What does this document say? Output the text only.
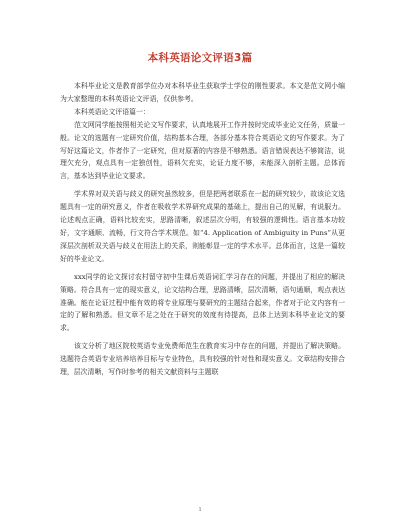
本科英语论文评语3篇

本科毕业论文是教育部学位办对本科毕业生获取学士学位的刚性要求。本文是范文网小编为大家整理的本科英语论文评语，仅供参考。

本科英语论文评语篇一：

范文网同学能按照相关论文写作要求，认真地展开工作并按时完成毕业论文任务，质量一般。论文的选题有一定研究价值，结构基本合理，各部分基本符合英语论文的写作要求。为了写好这篇论文，作者作了一定研究，但对原著的内容是不够熟悉。语言错误表达不够简洁，说理欠充分，观点具有一定独创性，语料欠充实，论证力度不够，未能深入剖析主题。总体而言，基本达到毕业论文要求。

学术界对双关语与歧义的研究虽然较多，但是把两者联系在一起的研究较少，故该论文选题具有一定的研究意义，作者在吸收学术界研究成果的基础上，提出自己的见解，有说服力。论述观点正确，语料比较充实，思路清晰，叙述层次分明，有较强的逻辑性。语言基本功较好，文字通顺、流畅，行文符合学术规范。如“4. Application of Ambiguity in Puns”从更深层次剖析双关语与歧义在用法上的关系，则能彰显一定的学术水平。总体而言，这是一篇较好的毕业论文。

xxx同学的论文探讨农村留守初中生课后英语词汇学习存在的问题，并提出了相应的解决策略。符合具有一定的现实意义，论文结构合理，思路清晰，层次清晰，语句通顺，观点表达准确。能在论证过程中能有效的将专业原理与要研究的主题结合起来，作者对于论文内容有一定的了解和熟悉。但文章不足之处在于研究的效度有待提高，总体上达到本科毕业论文的要求。

该文分析了地区院校英语专业免费师范生在教育实习中存在的问题，并提出了解决策略。选题符合英语专业培养培养目标与专业特色，具有较强的针对性和现实意义。文章结构安排合理，层次清晰，写作时参考的相关文献资料与主题联

1
